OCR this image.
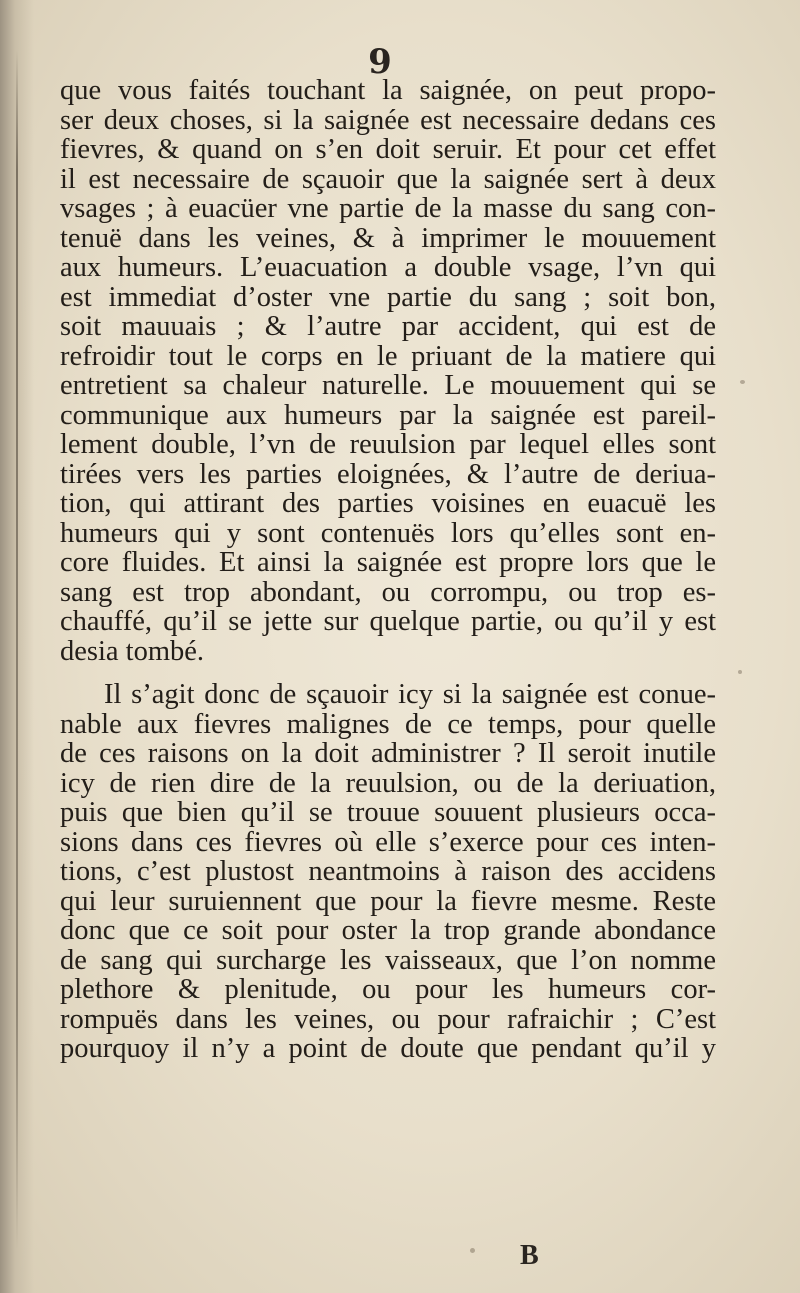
9
que vous faités touchant la saignée, on peut propo-
ser deux choses, si la saignée est necessaire dedans ces
fievres, & quand on s’en doit seruir. Et pour cet effet
il est necessaire de sçauoir que la saignée sert à deux
vsages ; à euacüer vne partie de la masse du sang con-
tenuë dans les veines, & à imprimer le mouuement
aux humeurs. L’euacuation a double vsage, l’vn qui
est immediat d’oster vne partie du sang ; soit bon,
soit mauuais ; & l’autre par accident, qui est de
refroidir tout le corps en le priuant de la matiere qui
entretient sa chaleur naturelle. Le mouuement qui se
communique aux humeurs par la saignée est pareil-
lement double, l’vn de reuulsion par lequel elles sont
tirées vers les parties eloignées, & l’autre de deriua-
tion, qui attirant des parties voisines en euacuë les
humeurs qui y sont contenuës lors qu’elles sont en-
core fluides. Et ainsi la saignée est propre lors que le
sang est trop abondant, ou corrompu, ou trop es-
chauffé, qu’il se jette sur quelque partie, ou qu’il y est
desia tombé.
Il s’agit donc de sçauoir icy si la saignée est conue-
nable aux fievres malignes de ce temps, pour quelle
de ces raisons on la doit administrer ? Il seroit inutile
icy de rien dire de la reuulsion, ou de la deriuation,
puis que bien qu’il se trouue souuent plusieurs occa-
sions dans ces fievres où elle s’exerce pour ces inten-
tions, c’est plustost neantmoins à raison des accidens
qui leur suruiennent que pour la fievre mesme. Reste
donc que ce soit pour oster la trop grande abondance
de sang qui surcharge les vaisseaux, que l’on nomme
plethore & plenitude, ou pour les humeurs cor-
rompuës dans les veines, ou pour rafraichir ; C’est
pourquoy il n’y a point de doute que pendant qu’il y
B
